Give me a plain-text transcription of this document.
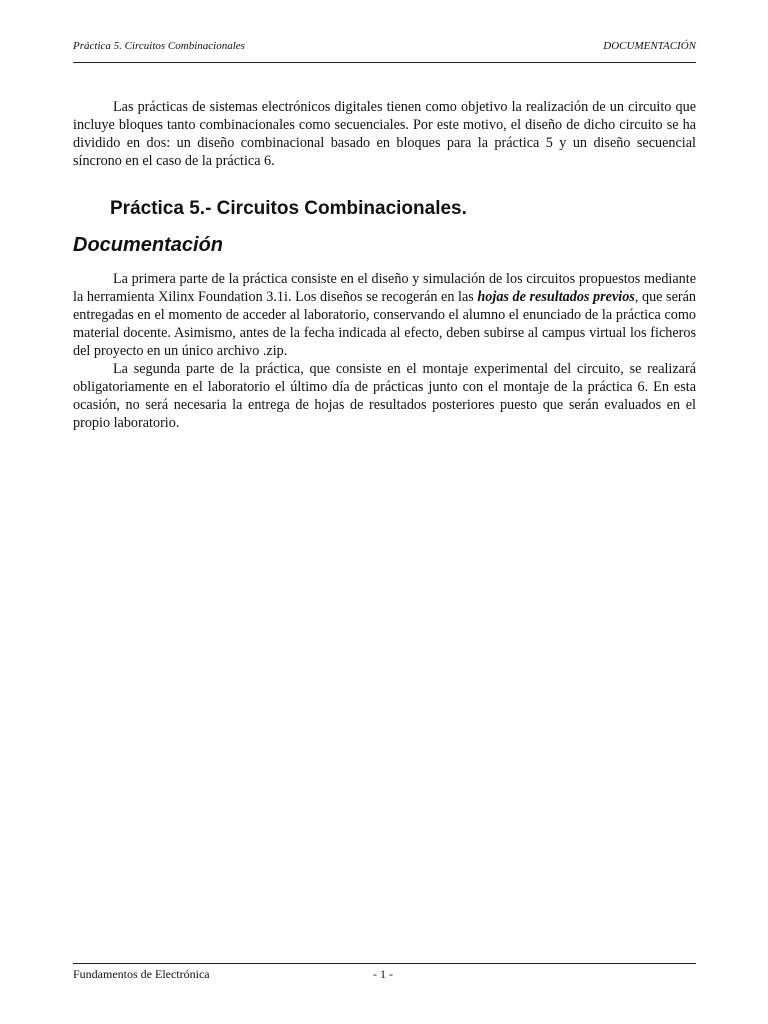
Práctica 5. Circuitos Combinacionales	DOCUMENTACIÓN

Las prácticas de sistemas electrónicos digitales tienen como objetivo la realización de un circuito que incluye bloques tanto combinacionales como secuenciales. Por este motivo, el diseño de dicho circuito se ha dividido en dos: un diseño combinacional basado en bloques para la práctica 5 y un diseño secuencial síncrono en el caso de la práctica 6.

Práctica 5.- Circuitos Combinacionales.
Documentación

La primera parte de la práctica consiste en el diseño y simulación de los circuitos propuestos mediante la herramienta Xilinx Foundation 3.1i. Los diseños se recogerán en las hojas de resultados previos, que serán entregadas en el momento de acceder al laboratorio, conservando el alumno el enunciado de la práctica como material docente. Asimismo, antes de la fecha indicada al efecto, deben subirse al campus virtual los ficheros del proyecto en un único archivo .zip.

La segunda parte de la práctica, que consiste en el montaje experimental del circuito, se realizará obligatoriamente en el laboratorio el último día de prácticas junto con el montaje de la práctica 6. En esta ocasión, no será necesaria la entrega de hojas de resultados posteriores puesto que serán evaluados en el propio laboratorio.

Fundamentos de Electrónica	- 1 -
